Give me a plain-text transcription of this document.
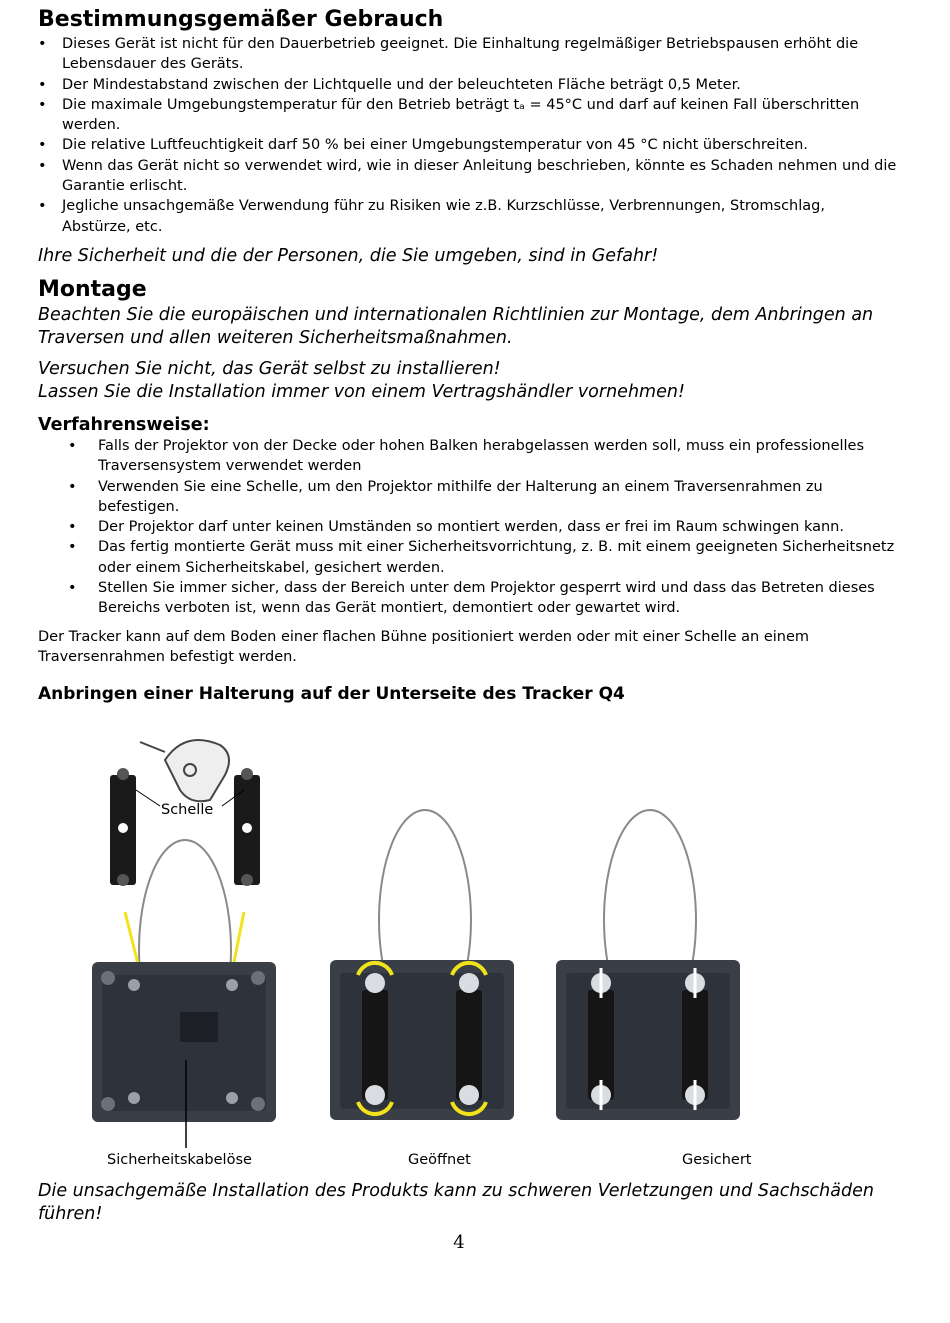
Bestimmungsgemäßer Gebrauch
• Dieses Gerät ist nicht für den Dauerbetrieb geeignet. Die Einhaltung regelmäßiger Betriebspausen erhöht die Lebensdauer des Geräts.
• Der Mindestabstand zwischen der Lichtquelle und der beleuchteten Fläche beträgt 0,5 Meter.
• Die maximale Umgebungstemperatur für den Betrieb beträgt tₐ = 45°C und darf auf keinen Fall überschritten werden.
• Die relative Luftfeuchtigkeit darf 50 % bei einer Umgebungstemperatur von 45 °C nicht überschreiten.
• Wenn das Gerät nicht so verwendet wird, wie in dieser Anleitung beschrieben, könnte es Schaden nehmen und die Garantie erlischt.
• Jegliche unsachgemäße Verwendung führ zu Risiken wie z.B. Kurzschlüsse, Verbrennungen, Stromschlag, Abstürze, etc.

Ihre Sicherheit und die der Personen, die Sie umgeben, sind in Gefahr!

Montage

Beachten Sie die europäischen und internationalen Richtlinien zur Montage, dem Anbringen an Traversen und allen weiteren Sicherheitsmaßnahmen.

Versuchen Sie nicht, das Gerät selbst zu installieren!

Lassen Sie die Installation immer von einem Vertragshändler vornehmen!

Verfahrensweise:
• Falls der Projektor von der Decke oder hohen Balken herabgelassen werden soll, muss ein professionelles Traversensystem verwendet werden
• Verwenden Sie eine Schelle, um den Projektor mithilfe der Halterung an einem Traversenrahmen zu befestigen.
• Der Projektor darf unter keinen Umständen so montiert werden, dass er frei im Raum schwingen kann.
• Das fertig montierte Gerät muss mit einer Sicherheitsvorrichtung, z. B. mit einem geeigneten Sicherheitsnetz oder einem Sicherheitskabel, gesichert werden.
• Stellen Sie immer sicher, dass der Bereich unter dem Projektor gesperrt wird und dass das Betreten dieses Bereichs verboten ist, wenn das Gerät montiert, demontiert oder gewartet wird.

Der Tracker kann auf dem Boden einer flachen Bühne positioniert werden oder mit einer Schelle an einem Traversenrahmen befestigt werden.

Anbringen einer Halterung auf der Unterseite des Tracker Q4
Schelle
Sicherheitskabelöse	Geöffnet	Gesichert

Die unsachgemäße Installation des Produkts kann zu schweren Verletzungen und Sachschäden führen!

4
